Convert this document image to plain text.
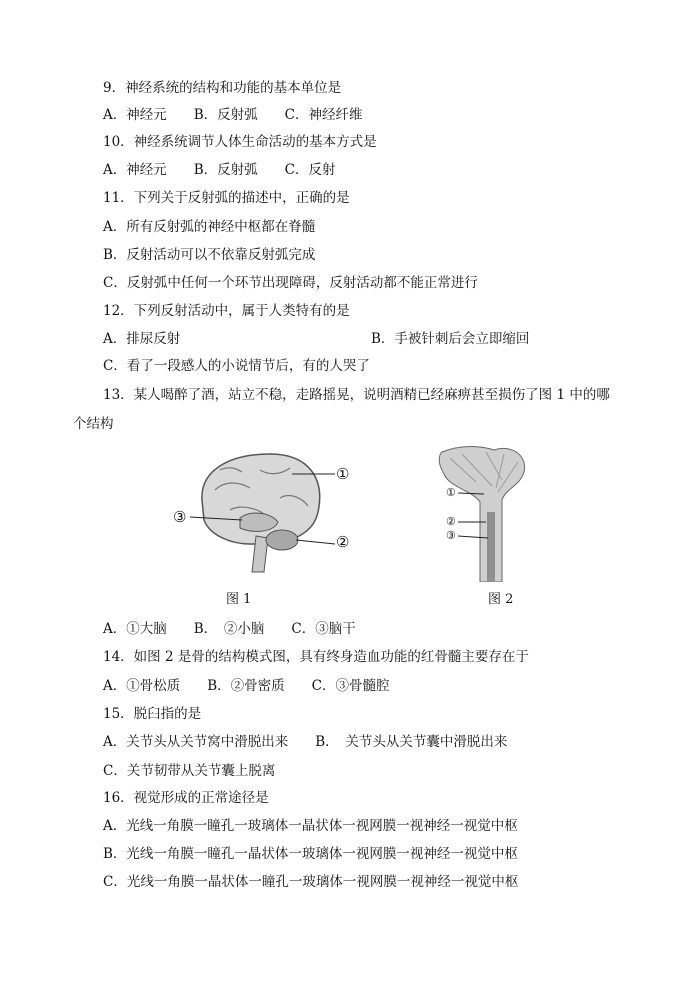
9．神经系统的结构和功能的基本单位是
A．神经元　　B．反射弧　　C．神经纤维
10．神经系统调节人体生命活动的基本方式是
A．神经元　　B．反射弧　　C．反射
11．下列关于反射弧的描述中，正确的是
A．所有反射弧的神经中枢都在脊髓
B．反射活动可以不依靠反射弧完成
C．反射弧中任何一个环节出现障碍，反射活动都不能正常进行
12．下列反射活动中，属于人类特有的是
A．排尿反射	B．手被针刺后会立即缩回
C．看了一段感人的小说情节后，有的人哭了
13．某人喝醉了酒，站立不稳，走路摇晃，说明酒精已经麻痹甚至损伤了图 1 中的哪
个结构
①
②
③
图 1
①
②
③
图 2
A．①大脑　　B．　②小脑　　C．③脑干
14．如图 2 是骨的结构模式图，具有终身造血功能的红骨髓主要存在于
A．①骨松质　　B．②骨密质　　C．③骨髓腔
15．脱臼指的是
A．关节头从关节窝中滑脱出来　　B．　关节头从关节囊中滑脱出来
C．关节韧带从关节囊上脱离
16．视觉形成的正常途径是
A．光线一角膜一瞳孔一玻璃体一晶状体一视网膜一视神经一视觉中枢
B．光线一角膜一瞳孔一晶状体一玻璃体一视网膜一视神经一视觉中枢
C．光线一角膜一晶状体一瞳孔一玻璃体一视网膜一视神经一视觉中枢
